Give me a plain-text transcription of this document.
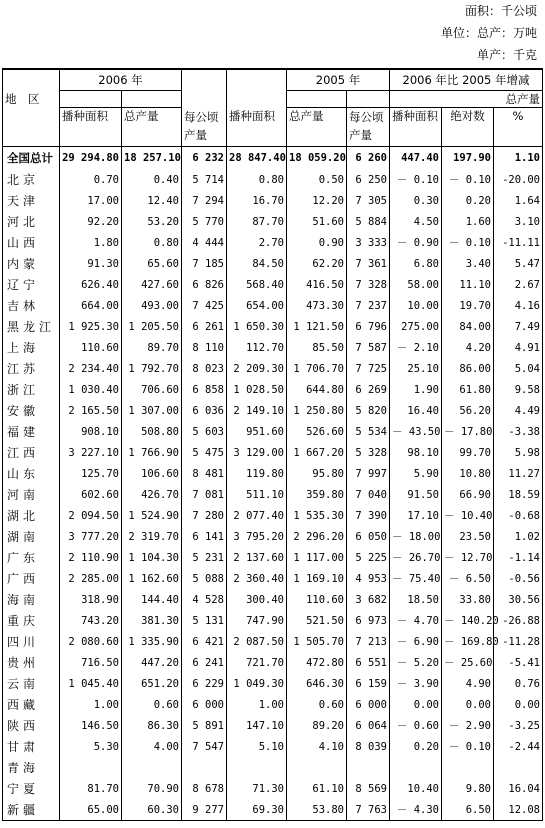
面积：千公顷
单位：总产：万吨
单产：千克
	2006 年				2005 年		2006 年比 2005 年增减		
地　区							总产量		
	播种面积	总产量	每公顷
产量	播种面积	总产量	每公顷
产量	播种面积	绝对数	%
全国总计	29 294.80	18 257.10	6 232	28 847.40	18 059.20	6 260	447.40	197.90	1.10
北京	0.70	0.40	5 714	0.80	0.50	6 250	－ 0.10	－ 0.10	-20.00
天津	17.00	12.40	7 294	16.70	12.20	7 305	0.30	0.20	1.64
河北	92.20	53.20	5 770	87.70	51.60	5 884	4.50	1.60	3.10
山西	1.80	0.80	4 444	2.70	0.90	3 333	－ 0.90	－ 0.10	-11.11
内蒙	91.30	65.60	7 185	84.50	62.20	7 361	6.80	3.40	5.47
辽宁	626.40	427.60	6 826	568.40	416.50	7 328	58.00	11.10	2.67
吉林	664.00	493.00	7 425	654.00	473.30	7 237	10.00	19.70	4.16
黑龙江	1 925.30	1 205.50	6 261	1 650.30	1 121.50	6 796	275.00	84.00	7.49
上海	110.60	89.70	8 110	112.70	85.50	7 587	－ 2.10	4.20	4.91
江苏	2 234.40	1 792.70	8 023	2 209.30	1 706.70	7 725	25.10	86.00	5.04
浙江	1 030.40	706.60	6 858	1 028.50	644.80	6 269	1.90	61.80	9.58
安徽	2 165.50	1 307.00	6 036	2 149.10	1 250.80	5 820	16.40	56.20	4.49
福建	908.10	508.80	5 603	951.60	526.60	5 534	－ 43.50	－ 17.80	-3.38
江西	3 227.10	1 766.90	5 475	3 129.00	1 667.20	5 328	98.10	99.70	5.98
山东	125.70	106.60	8 481	119.80	95.80	7 997	5.90	10.80	11.27
河南	602.60	426.70	7 081	511.10	359.80	7 040	91.50	66.90	18.59
湖北	2 094.50	1 524.90	7 280	2 077.40	1 535.30	7 390	17.10	－ 10.40	-0.68
湖南	3 777.20	2 319.70	6 141	3 795.20	2 296.20	6 050	－ 18.00	23.50	1.02
广东	2 110.90	1 104.30	5 231	2 137.60	1 117.00	5 225	－ 26.70	－ 12.70	-1.14
广西	2 285.00	1 162.60	5 088	2 360.40	1 169.10	4 953	－ 75.40	－ 6.50	-0.56
海南	318.90	144.40	4 528	300.40	110.60	3 682	18.50	33.80	30.56
重庆	743.20	381.30	5 131	747.90	521.50	6 973	－ 4.70	－ 140.20	-26.88
四川	2 080.60	1 335.90	6 421	2 087.50	1 505.70	7 213	－ 6.90	－ 169.80	-11.28
贵州	716.50	447.20	6 241	721.70	472.80	6 551	－ 5.20	－ 25.60	-5.41
云南	1 045.40	651.20	6 229	1 049.30	646.30	6 159	－ 3.90	4.90	0.76
西藏	1.00	0.60	6 000	1.00	0.60	6 000	0.00	0.00	0.00
陕西	146.50	86.30	5 891	147.10	89.20	6 064	－ 0.60	－ 2.90	-3.25
甘肃	5.30	4.00	7 547	5.10	4.10	8 039	0.20	－ 0.10	-2.44
青海									
宁夏	81.70	70.90	8 678	71.30	61.10	8 569	10.40	9.80	16.04
新疆	65.00	60.30	9 277	69.30	53.80	7 763	－ 4.30	6.50	12.08
